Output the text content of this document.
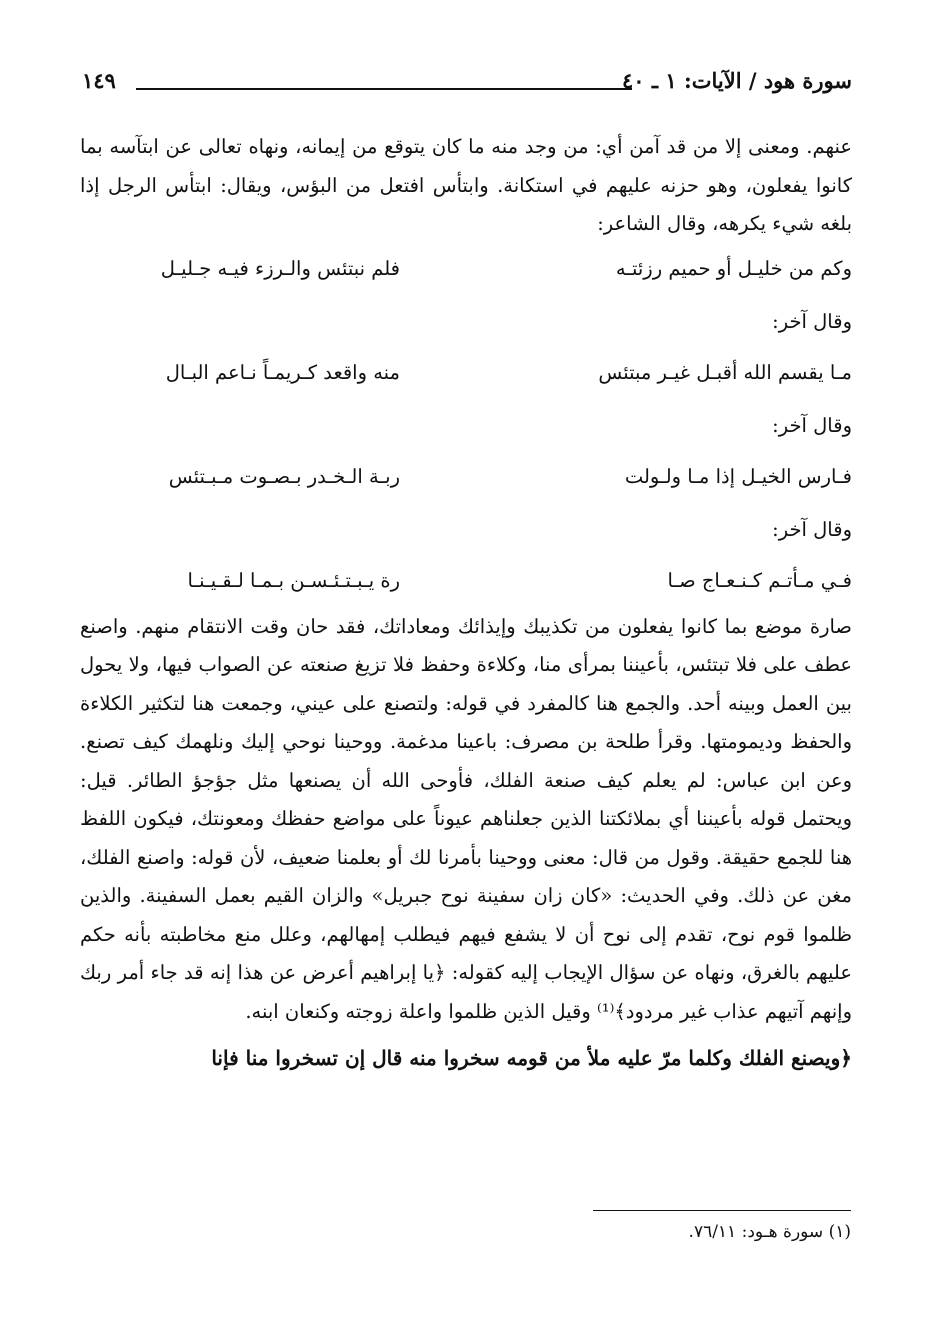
سورة هود / الآيات: ١ ـ ٤٠
١٤٩

عنهم. ومعنى إلا من قد آمن أي: من وجد منه ما كان يتوقع من إيمانه، ونهاه تعالى عن ابتآسه بما كانوا يفعلون، وهو حزنه عليهم في استكانة. وابتأس افتعل من البؤس، ويقال: ابتأس الرجل إذا بلغه شيء يكرهه، وقال الشاعر:

وكم من خليـل أو حميم رزئتـه
فلم نبتئس والـرزء فيـه جـليـل
وقال آخر:
مـا يقسم الله أقبـل غيـر مبتئس
منه واقعد كـريمـاً نـاعم البـال
وقال آخر:
فـارس الخيـل إذا مـا ولـولت
ربـة الـخـدر بـصـوت مـبـتئس
وقال آخر:
فـي مـأتـم كـنـعـاج صـا
رة يـبـتـئـسـن بـمـا لـقـيـنـا

صارة موضع بما كانوا يفعلون من تكذيبك وإيذائك ومعاداتك، فقد حان وقت الانتقام منهم. واصنع عطف على فلا تبتئس، بأعيننا بمرأى منا، وكلاءة وحفظ فلا تزيغ صنعته عن الصواب فيها، ولا يحول بين العمل وبينه أحد. والجمع هنا كالمفرد في قوله: ولتصنع على عيني، وجمعت هنا لتكثير الكلاءة والحفظ وديمومتها. وقرأ طلحة بن مصرف: باعينا مدغمة. ووحينا نوحي إليك ونلهمك كيف تصنع. وعن ابن عباس: لم يعلم كيف صنعة الفلك، فأوحى الله أن يصنعها مثل جؤجؤ الطائر. قيل: ويحتمل قوله بأعيننا أي بملائكتنا الذين جعلناهم عيوناً على مواضع حفظك ومعونتك، فيكون اللفظ هنا للجمع حقيقة. وقول من قال: معنى ووحينا بأمرنا لك أو بعلمنا ضعيف، لأن قوله: واصنع الفلك، مغن عن ذلك. وفي الحديث: «كان زان سفينة نوح جبريل» والزان القيم بعمل السفينة. والذين ظلموا قوم نوح، تقدم إلى نوح أن لا يشفع فيهم فيطلب إمهالهم، وعلل منع مخاطبته بأنه حكم عليهم بالغرق، ونهاه عن سؤال الإيجاب إليه كقوله: ﴿يا إبراهيم أعرض عن هذا إنه قد جاء أمر ربك وإنهم آتيهم عذاب غير مردود﴾⁽¹⁾ وقيل الذين ظلموا واعلة زوجته وكنعان ابنه.

﴿ويصنع الفلك وكلما مرّ عليه ملأ من قومه سخروا منه قال إن تسخروا منا فإنا

(١) سورة هـود: ٧٦/١١.
